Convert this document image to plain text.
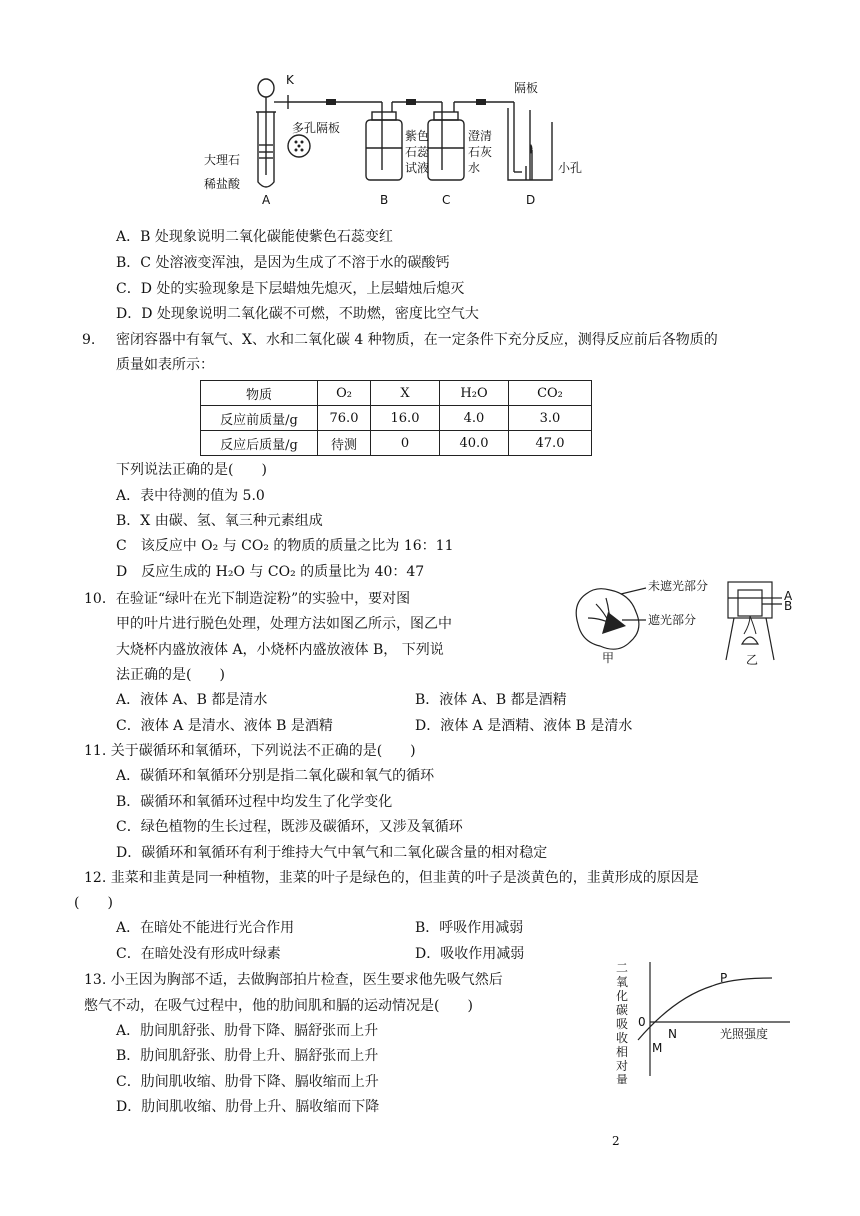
K
多孔隔板
大理石
稀盐酸
紫色
石蕊
试液
澄清
石灰
水
隔板
小孔
A	B	C	D
A．B 处现象说明二氧化碳能使紫色石蕊变红
B．C 处溶液变浑浊，是因为生成了不溶于水的碳酸钙
C．D 处的实验现象是下层蜡烛先熄灭，上层蜡烛后熄灭
D．D 处现象说明二氧化碳不可燃，不助燃，密度比空气大
9. 密闭容器中有氧气、X、水和二氧化碳 4 种物质，在一定条件下充分反应，测得反应前后各物质的
质量如表所示：
物质	O₂	X	H₂O	CO₂
反应前质量/g	76.0	16.0	4.0	3.0
反应后质量/g	待测	0	40.0	47.0
下列说法正确的是(　　)
A．表中待测的值为 5.0
B．X 由碳、氢、氧三种元素组成
C　该反应中 O₂ 与 CO₂ 的物质的质量之比为 16：11
D　反应生成的 H₂O 与 CO₂ 的质量比为 40：47
10．在验证“绿叶在光下制造淀粉”的实验中，要对图
甲的叶片进行脱色处理，处理方法如图乙所示，图乙中
大烧杯内盛放液体 A，小烧杯内盛放液体 B， 下列说
法正确的是(　　)
A．液体 A、B 都是清水	B．液体 A、B 都是酒精
C．液体 A 是清水、液体 B 是酒精	D．液体 A 是酒精、液体 B 是清水
未遮光部分
遮光部分
甲	乙
A
B
11. 关于碳循环和氧循环，下列说法不正确的是(　　)
A．碳循环和氧循环分别是指二氧化碳和氧气的循环
B．碳循环和氧循环过程中均发生了化学变化
C．绿色植物的生长过程，既涉及碳循环，又涉及氧循环
D．碳循环和氧循环有利于维持大气中氧气和二氧化碳含量的相对稳定
12. 韭菜和韭黄是同一种植物，韭菜的叶子是绿色的，但韭黄的叶子是淡黄色的，韭黄形成的原因是
(　　)
A．在暗处不能进行光合作用	B．呼吸作用减弱
C．在暗处没有形成叶绿素	D．吸收作用减弱
13. 小王因为胸部不适，去做胸部拍片检查，医生要求他先吸气然后
憋气不动，在吸气过程中，他的肋间肌和膈的运动情况是(　　)
A．肋间肌舒张、肋骨下降、膈舒张而上升
B．肋间肌舒张、肋骨上升、膈舒张而上升
C．肋间肌收缩、肋骨下降、膈收缩而上升
D．肋间肌收缩、肋骨上升、膈收缩而下降
二
氧
化
碳
吸
收
相
对
量
光照强度
P
N
M
0
2
